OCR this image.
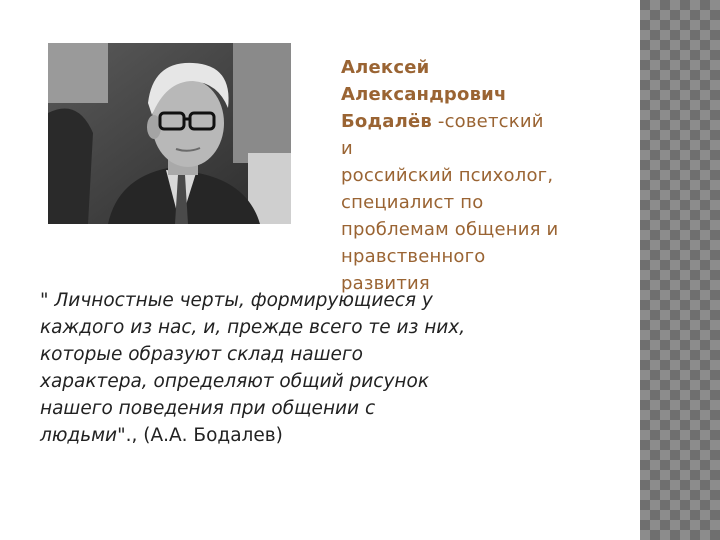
Алексей
Александрович
Бодалёв -советский
и
российский психолог,
специалист по
проблемам общения и
нравственного
развития
" Личностные черты, формирующиеся у
каждого из нас, и, прежде всего те из них,
которые образуют склад нашего
характера, определяют общий рисунок
нашего поведения при общении с
людьми"., (А.А. Бодалев)
